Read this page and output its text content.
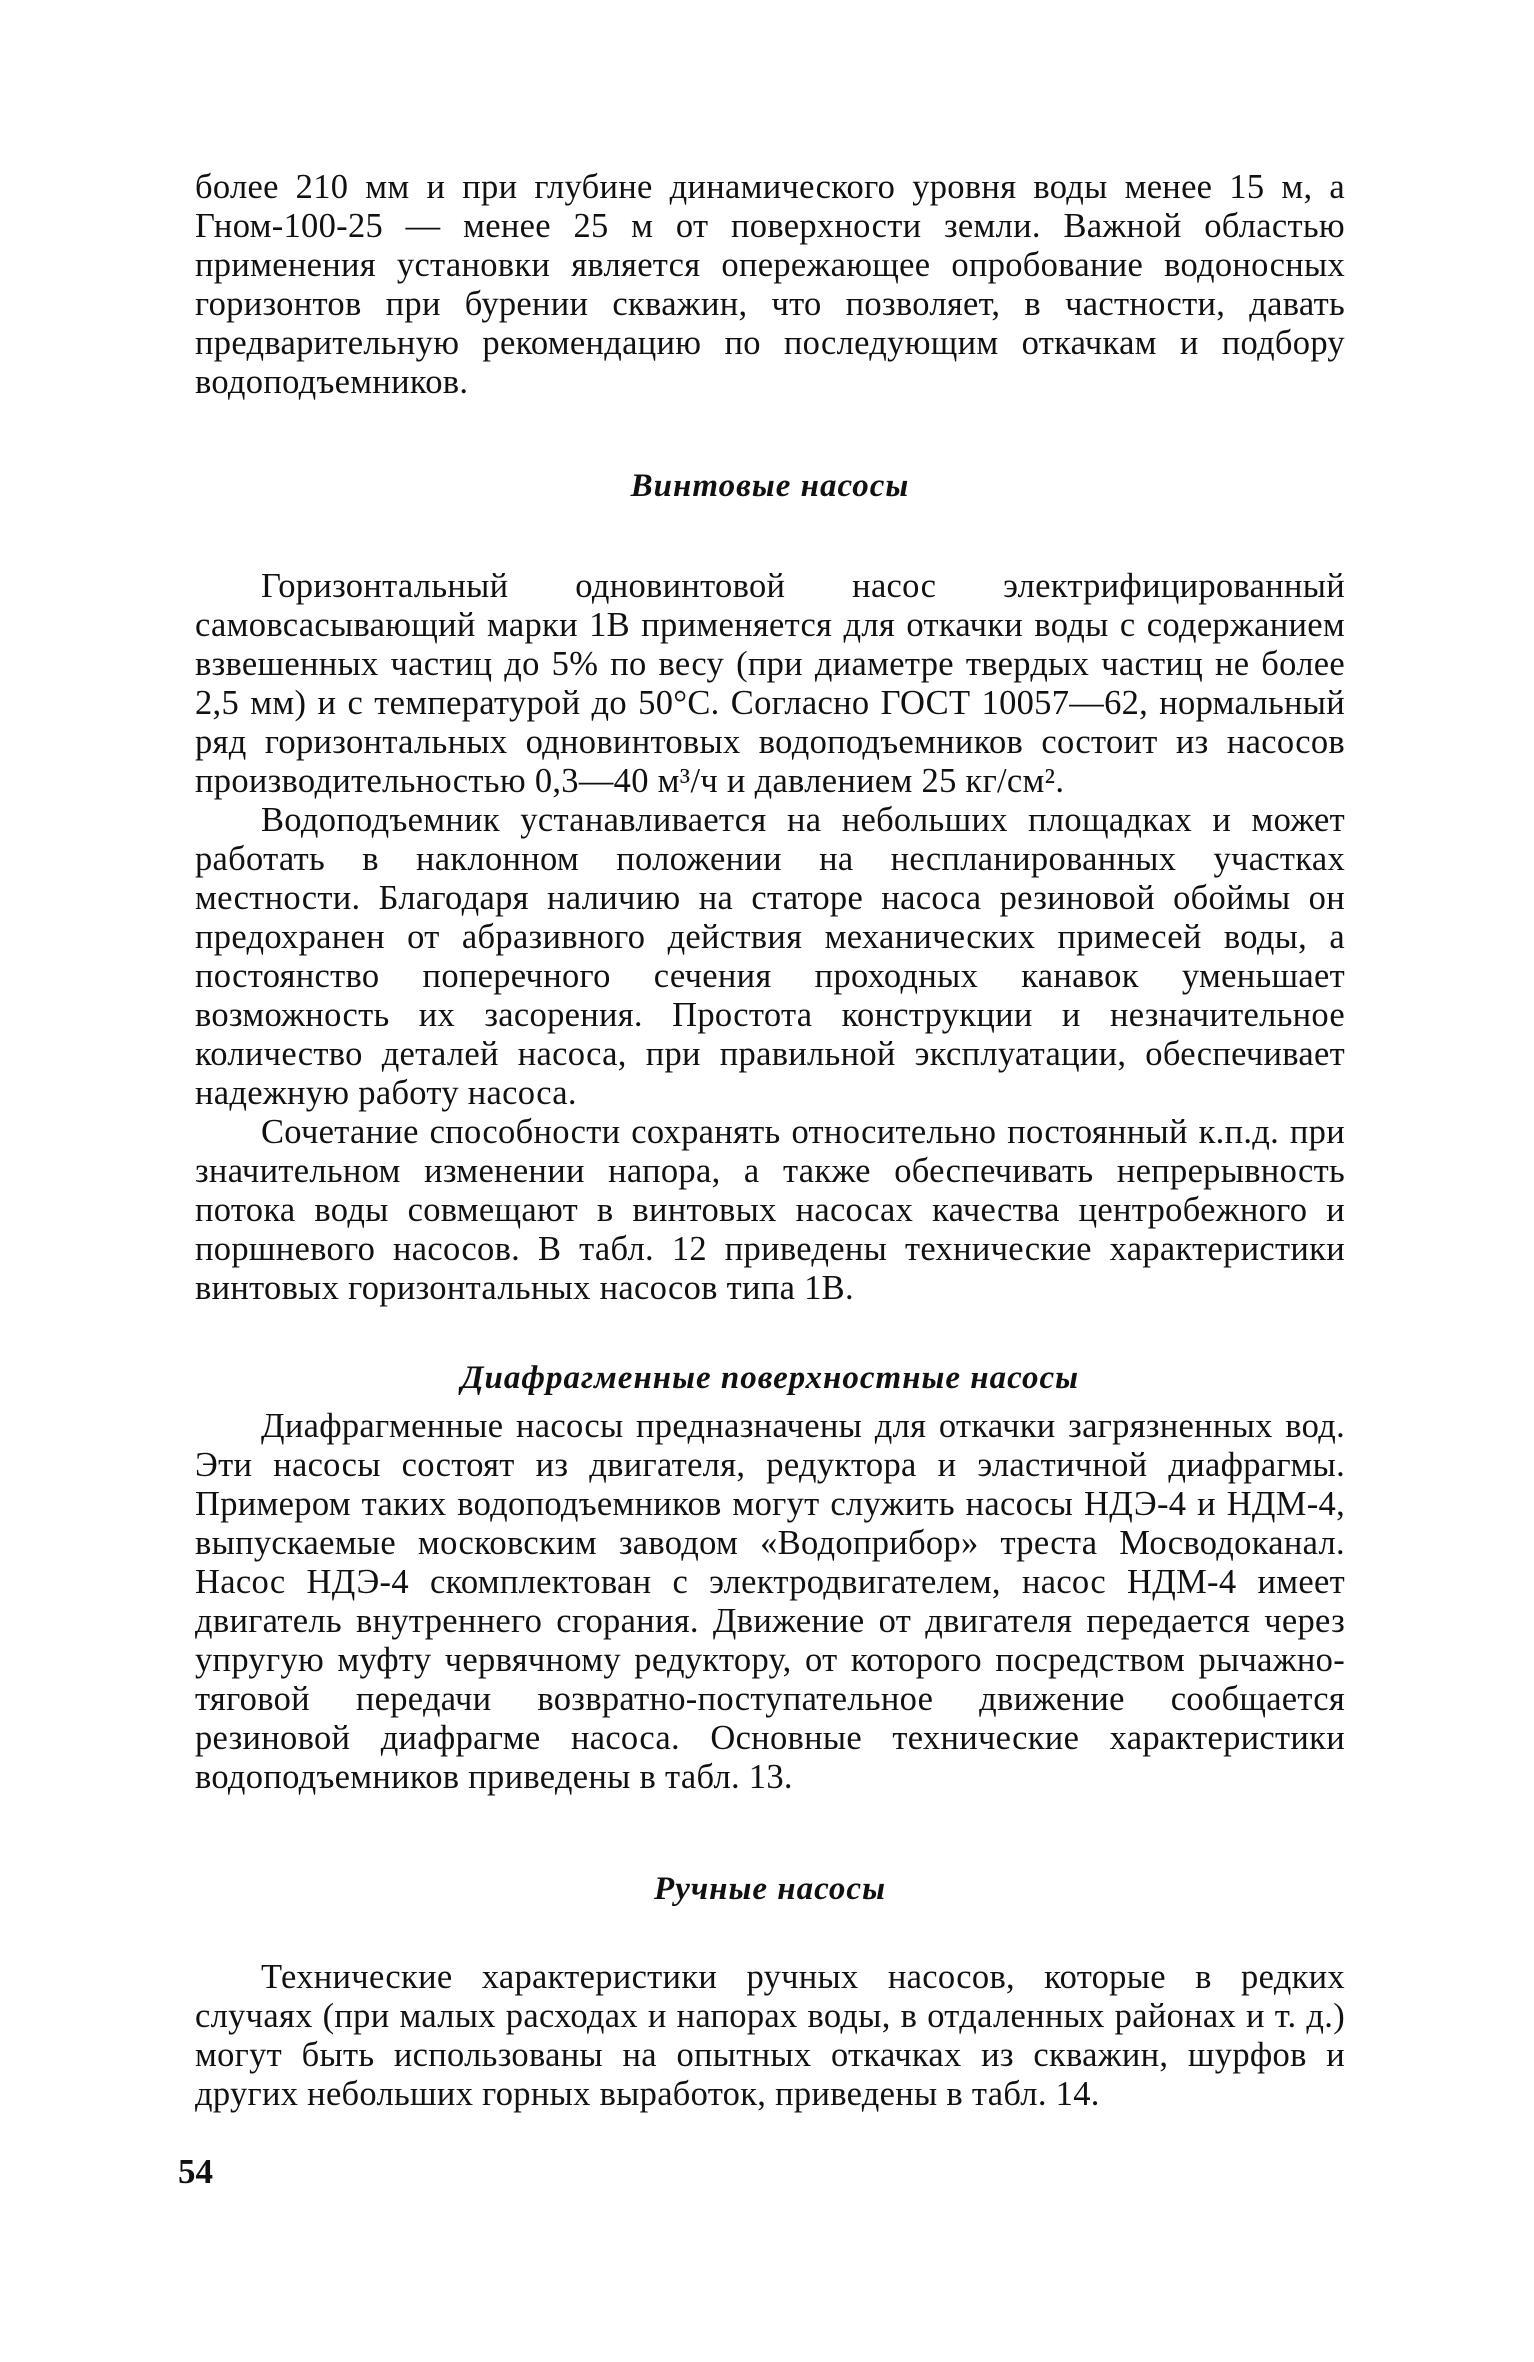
более 210 мм и при глубине динамического уровня воды менее 15 м, а Гном-100-25 — менее 25 м от поверхности земли. Важной областью применения установки является опережающее опробование водоносных горизонтов при бурении скважин, что позволяет, в частности, давать предварительную рекомендацию по последующим откачкам и подбору водоподъемников.

Винтовые насосы

Горизонтальный одновинтовой насос электрифицированный самовсасывающий марки 1В применяется для откачки воды с содержанием взвешенных частиц до 5% по весу (при диаметре твердых частиц не более 2,5 мм) и с температурой до 50°С. Согласно ГОСТ 10057—62, нормальный ряд горизонтальных одновинтовых водоподъемников состоит из насосов производительностью 0,3—40 м³/ч и давлением 25 кг/см².

Водоподъемник устанавливается на небольших площадках и может работать в наклонном положении на неспланированных участках местности. Благодаря наличию на статоре насоса резиновой обоймы он предохранен от абразивного действия механических примесей воды, а постоянство поперечного сечения проходных канавок уменьшает возможность их засорения. Простота конструкции и незначительное количество деталей насоса, при правильной эксплуатации, обеспечивает надежную работу насоса.

Сочетание способности сохранять относительно постоянный к.п.д. при значительном изменении напора, а также обеспечивать непрерывность потока воды совмещают в винтовых насосах качества центробежного и поршневого насосов. В табл. 12 приведены технические характеристики винтовых горизонтальных насосов типа 1В.

Диафрагменные поверхностные насосы

Диафрагменные насосы предназначены для откачки загрязненных вод. Эти насосы состоят из двигателя, редуктора и эластичной диафрагмы. Примером таких водоподъемников могут служить насосы НДЭ-4 и НДМ-4, выпускаемые московским заводом «Водоприбор» треста Мосводоканал. Насос НДЭ-4 скомплектован с электродвигателем, насос НДМ-4 имеет двигатель внутреннего сгорания. Движение от двигателя передается через упругую муфту червячному редуктору, от которого посредством рычажно-тяговой передачи возвратно-поступательное движение сообщается резиновой диафрагме насоса. Основные технические характеристики водоподъемников приведены в табл. 13.

Ручные насосы

Технические характеристики ручных насосов, которые в редких случаях (при малых расходах и напорах воды, в отдаленных районах и т. д.) могут быть использованы на опытных откачках из скважин, шурфов и других небольших горных выработок, приведены в табл. 14.

54
